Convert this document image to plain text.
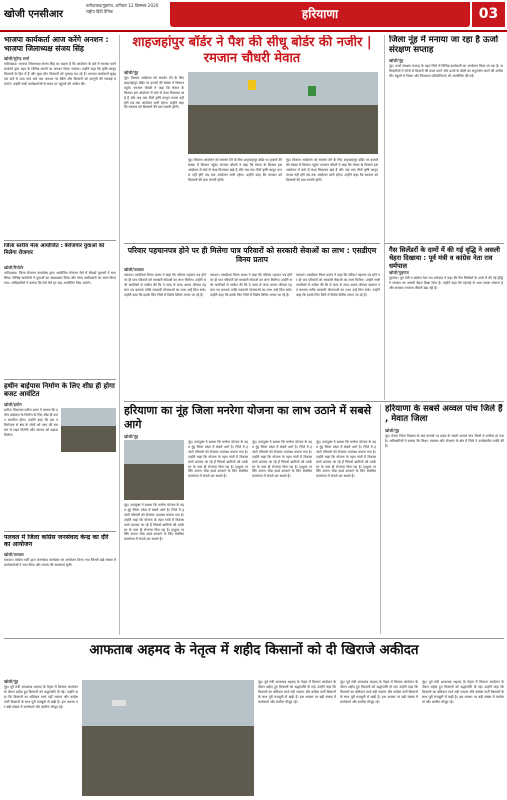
खोजी एनसीआर
फरीदाबाद/गुड़गांव, शनिवार 12 दिसम्बर 2020
राष्ट्रीय हिंदी दैनिक	हरियाणा	03
भाजपा कार्यकर्ता आज करेंगे अनशन : भाजपा जिलाध्यक्ष संजय सिंह
खोजी/सुरेन्द्र शर्मा
फरीदाबाद। भाजपा जिलाध्यक्ष संजय सिंह का कहना है कि आंदोलन के बारे में भाजपा कार्यकर्ताओं द्वारा शहर के विभिन्न स्थानों पर अनशन किया जाएगा। उन्होंने कहा कि कृषि कानून किसानों के हित में हैं और कुछ लोग किसानों को गुमराह कर रहे हैं। भाजपा कार्यकर्ता सुबह दस बजे से शाम पांच बजे तक अनशन पर बैठेंगे और किसानों को कानूनों की सच्चाई बताएंगे। उन्होंने सभी कार्यकर्ताओं से समय पर पहुंचने की अपील की।
जिला स्तरीय मेला आयोजित : बेरोजगार युवाओं को मिलेगा रोजगार
खोजी/रिपोर्टर
फरीदाबाद। जिला रोजगार कार्यालय द्वारा आयोजित रोजगार मेले में सैकड़ों युवाओं ने भाग लिया। विभिन्न कंपनियों ने युवाओं का साक्षात्कार लिया और योग्य उम्मीदवारों का चयन किया गया। अधिकारियों ने बताया कि ऐसे मेले हर माह आयोजित किए जाएंगे।
हथीन बाईपास निर्माण के लिए शीघ्र ही होगा बजट आवंटित
खोजी/हथीन
हथीन। विधायक प्रवीण डागर ने बताया कि हथीन बाईपास के निर्माण के लिए शीघ्र ही बजट आवंटित होगा। उन्होंने कहा कि इस परियोजना से क्षेत्र के लोगों को जाम की समस्या से राहत मिलेगी और व्यापार को बढ़ावा मिलेगा।
पलवल में जिला कांग्रेस जनसंवाद केन्द्र का दौरे का आयोजन
खोजी/पलवल
पलवल। कांग्रेस पार्टी द्वारा जनसंवाद कार्यक्रम का आयोजन किया गया जिसमें बड़ी संख्या में कार्यकर्ताओं ने भाग लिया और जनता की समस्याएं सुनीं।
शाहजहांपुर बॉर्डर ने पैश की सीधू बोर्डर की नजीर | रमजान चौधरी मेवात
खोजी/नूंह
नूंह। किसान आंदोलन को समर्थन देने के लिए शाहजहांपुर बॉर्डर पर हजारों की संख्या में किसान पहुंचे। रमजान चौधरी ने कहा कि मेवात के किसान इस आंदोलन में कंधे से कंधा मिलाकर खड़े हैं और जब तक तीनों कृषि कानून वापस नहीं होंगे तब तक आंदोलन जारी रहेगा। उन्होंने कहा कि सरकार को किसानों की बात माननी होगी।
नूंह। किसान आंदोलन को समर्थन देने के लिए शाहजहांपुर बॉर्डर पर हजारों की संख्या में किसान पहुंचे। रमजान चौधरी ने कहा कि मेवात के किसान इस आंदोलन में कंधे से कंधा मिलाकर खड़े हैं और जब तक तीनों कृषि कानून वापस नहीं होंगे तब तक आंदोलन जारी रहेगा। उन्होंने कहा कि सरकार को किसानों की बात माननी होगी।
नूंह। किसान आंदोलन को समर्थन देने के लिए शाहजहांपुर बॉर्डर पर हजारों की संख्या में किसान पहुंचे। रमजान चौधरी ने कहा कि मेवात के किसान इस आंदोलन में कंधे से कंधा मिलाकर खड़े हैं और जब तक तीनों कृषि कानून वापस नहीं होंगे तब तक आंदोलन जारी रहेगा। उन्होंने कहा कि सरकार को किसानों की बात माननी होगी।
परिवार पहचानपत्र होने पर ही मिलेगा पात्र परिवारों को सरकारी सेवाओं का लाभ : एसडीएम विनय प्रताप
खोजी/पलवल
पलवल। एसडीएम विनय प्रताप ने कहा कि परिवार पहचान पत्र होने पर ही पात्र परिवारों को सरकारी सेवाओं का लाभ मिलेगा। उन्होंने सभी नागरिकों से अपील की कि वे जल्द से जल्द अपना परिवार पहचान पत्र बनवाएं ताकि सरकारी योजनाओं का लाभ उन्हें मिल सके। उन्होंने कहा कि इसके लिए जिले में विशेष शिविर लगाए जा रहे हैं।
पलवल। एसडीएम विनय प्रताप ने कहा कि परिवार पहचान पत्र होने पर ही पात्र परिवारों को सरकारी सेवाओं का लाभ मिलेगा। उन्होंने सभी नागरिकों से अपील की कि वे जल्द से जल्द अपना परिवार पहचान पत्र बनवाएं ताकि सरकारी योजनाओं का लाभ उन्हें मिल सके। उन्होंने कहा कि इसके लिए जिले में विशेष शिविर लगाए जा रहे हैं।
पलवल। एसडीएम विनय प्रताप ने कहा कि परिवार पहचान पत्र होने पर ही पात्र परिवारों को सरकारी सेवाओं का लाभ मिलेगा। उन्होंने सभी नागरिकों से अपील की कि वे जल्द से जल्द अपना परिवार पहचान पत्र बनवाएं ताकि सरकारी योजनाओं का लाभ उन्हें मिल सके। उन्होंने कहा कि इसके लिए जिले में विशेष शिविर लगाए जा रहे हैं।
जिला नूंह में मनाया जा रहा है ऊर्जा संरक्षण सप्ताह
खोजी/नूंह
नूंह। ऊर्जा संरक्षण सप्ताह के तहत जिले में विभिन्न कार्यक्रमों का आयोजन किया जा रहा है। अधिकारियों ने लोगों से बिजली की बचत करने और ऊर्जा के स्रोतों का सदुपयोग करने की अपील की। स्कूलों में निबंध और चित्रकला प्रतियोगिताएं भी आयोजित की गईं।
गैस सिलेंडरों के दामों में की गई वृद्धि ने असली चेहरा दिखाया : पूर्व मंत्री व कांग्रेस नेता राव धर्मपाल
खोजी/गुड़गांव
गुड़गांव। पूर्व मंत्री व कांग्रेस नेता राव धर्मपाल ने कहा कि गैस सिलेंडरों के दामों में की गई वृद्धि ने सरकार का असली चेहरा दिखा दिया है। उन्होंने कहा कि महंगाई से आम जनता परेशान है और सरकार लगातार कीमतें बढ़ा रही है।
हरियाणा का नूंह जिला मनरेगा योजना का लाभ उठाने में सबसे आगे
खोजी/नूंह
नूंह। उपायुक्त ने बताया कि मनरेगा योजना के तहत नूंह जिला प्रदेश में सबसे आगे है। जिले में हजारों परिवारों को रोजगार उपलब्ध कराया गया है। उन्होंने कहा कि योजना के तहत गांवों में विकास कार्य करवाए जा रहे हैं जिससे ग्रामीणों को उनके घर के पास ही रोजगार मिल रहा है। इच्छुक व्यक्ति अपना जॉब कार्ड बनवाने के लिए संबंधित कार्यालय में संपर्क कर सकते हैं।
नूंह। उपायुक्त ने बताया कि मनरेगा योजना के तहत नूंह जिला प्रदेश में सबसे आगे है। जिले में हजारों परिवारों को रोजगार उपलब्ध कराया गया है। उन्होंने कहा कि योजना के तहत गांवों में विकास कार्य करवाए जा रहे हैं जिससे ग्रामीणों को उनके घर के पास ही रोजगार मिल रहा है। इच्छुक व्यक्ति अपना जॉब कार्ड बनवाने के लिए संबंधित कार्यालय में संपर्क कर सकते हैं।
नूंह। उपायुक्त ने बताया कि मनरेगा योजना के तहत नूंह जिला प्रदेश में सबसे आगे है। जिले में हजारों परिवारों को रोजगार उपलब्ध कराया गया है। उन्होंने कहा कि योजना के तहत गांवों में विकास कार्य करवाए जा रहे हैं जिससे ग्रामीणों को उनके घर के पास ही रोजगार मिल रहा है। इच्छुक व्यक्ति अपना जॉब कार्ड बनवाने के लिए संबंधित कार्यालय में संपर्क कर सकते हैं।
नूंह। उपायुक्त ने बताया कि मनरेगा योजना के तहत नूंह जिला प्रदेश में सबसे आगे है। जिले में हजारों परिवारों को रोजगार उपलब्ध कराया गया है। उन्होंने कहा कि योजना के तहत गांवों में विकास कार्य करवाए जा रहे हैं जिससे ग्रामीणों को उनके घर के पास ही रोजगार मिल रहा है। इच्छुक व्यक्ति अपना जॉब कार्ड बनवाने के लिए संबंधित कार्यालय में संपर्क कर सकते हैं।
हरियाणा के सबसे अव्वल पांच जिले हैं , मेवात जिला
खोजी/नूंह
नूंह। मेवात जिला विकास के कई मानकों पर प्रदेश के सबसे अव्वल पांच जिलों में शामिल हो गया है। अधिकारियों ने बताया कि शिक्षा, स्वास्थ्य और रोजगार के क्षेत्र में जिले ने उल्लेखनीय प्रगति की है।
आफताब अहमद के नेतृत्व में शहीद किसानों को दी खिराजे अकीदत
खोजी/नूंह
नूंह। पूर्व मंत्री आफताब अहमद के नेतृत्व में किसान आंदोलन के दौरान शहीद हुए किसानों को श्रद्धांजलि दी गई। उन्होंने कहा कि किसानों का बलिदान व्यर्थ नहीं जाएगा और कांग्रेस पार्टी किसानों के साथ पूरी मजबूती से खड़ी है। इस अवसर पर बड़ी संख्या में कार्यकर्ता और ग्रामीण मौजूद रहे।
नूंह। पूर्व मंत्री आफताब अहमद के नेतृत्व में किसान आंदोलन के दौरान शहीद हुए किसानों को श्रद्धांजलि दी गई। उन्होंने कहा कि किसानों का बलिदान व्यर्थ नहीं जाएगा और कांग्रेस पार्टी किसानों के साथ पूरी मजबूती से खड़ी है। इस अवसर पर बड़ी संख्या में कार्यकर्ता और ग्रामीण मौजूद रहे।
नूंह। पूर्व मंत्री आफताब अहमद के नेतृत्व में किसान आंदोलन के दौरान शहीद हुए किसानों को श्रद्धांजलि दी गई। उन्होंने कहा कि किसानों का बलिदान व्यर्थ नहीं जाएगा और कांग्रेस पार्टी किसानों के साथ पूरी मजबूती से खड़ी है। इस अवसर पर बड़ी संख्या में कार्यकर्ता और ग्रामीण मौजूद रहे।
नूंह। पूर्व मंत्री आफताब अहमद के नेतृत्व में किसान आंदोलन के दौरान शहीद हुए किसानों को श्रद्धांजलि दी गई। उन्होंने कहा कि किसानों का बलिदान व्यर्थ नहीं जाएगा और कांग्रेस पार्टी किसानों के साथ पूरी मजबूती से खड़ी है। इस अवसर पर बड़ी संख्या में कार्यकर्ता और ग्रामीण मौजूद रहे।
